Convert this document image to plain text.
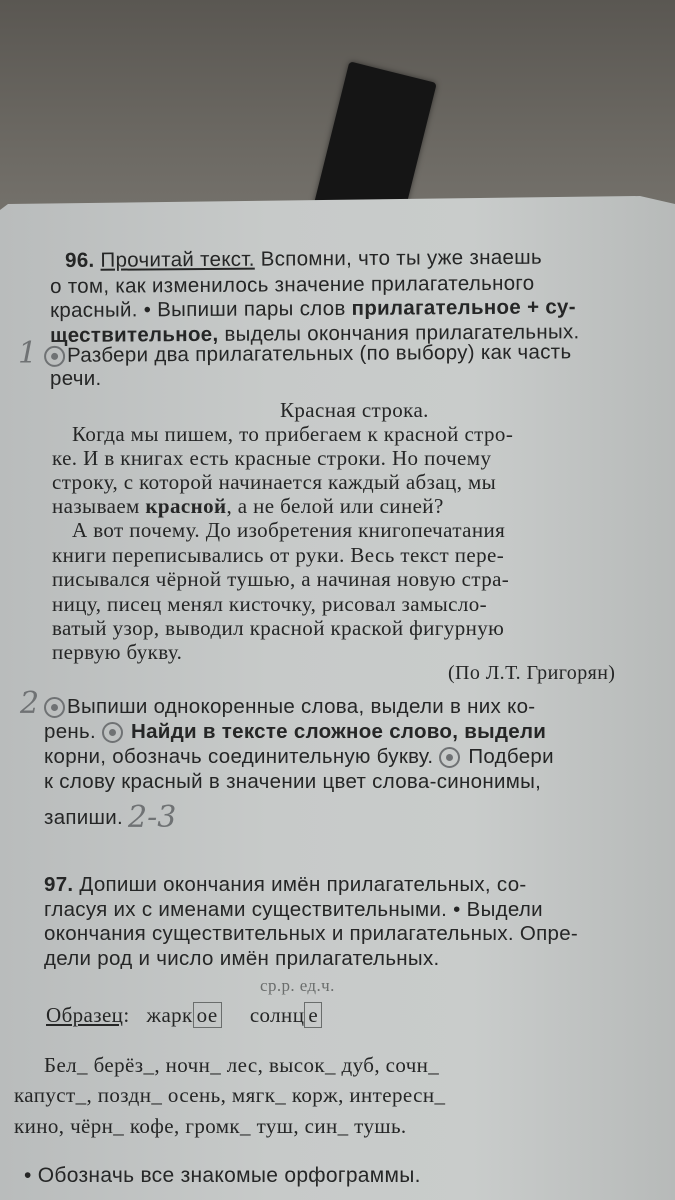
96. Прочитай текст. Вспомни, что ты уже знаешь
о том, как изменилось значение прилагательного
красный. • Выпиши пары слов прилагательное + су-
ществительное, выделы окончания прилагательных.
Разбери два прилагательных (по выбору) как часть
речи.
Красная строка.
Когда мы пишем, то прибегаем к красной стро-
ке. И в книгах есть красные строки. Но почему
строку, с которой начинается каждый абзац, мы
называем красной, а не белой или синей?
А вот почему. До изобретения книгопечатания
книги переписывались от руки. Весь текст пере-
писывался чёрной тушью, а начиная новую стра-
ницу, писец менял кисточку, рисовал замысло-
ватый узор, выводил красной краской фигурную
первую букву.
(По Л.Т. Григорян)
Выпиши однокоренные слова, выдели в них ко-
рень.  Найди в тексте сложное слово, выдели
корни, обозначь соединительную букву.  Подбери
к слову красный в значении цвет слова-синонимы,
запиши.
97. Допиши окончания имён прилагательных, со-
гласуя их с именами существительными. • Выдели
окончания существительных и прилагательных. Опре-
дели род и число имён прилагательных.
ср.р. ед.ч.
Образец:   жарк ое солнц е
Бел_ берёз_, ночн_ лес, высок_ дуб, сочн_
капуст_, поздн_ осень, мягк_ корж, интересн_
кино, чёрн_ кофе, громк_ туш, син_ тушь.
• Обозначь все знакомые орфограммы.
1
2
2-3
